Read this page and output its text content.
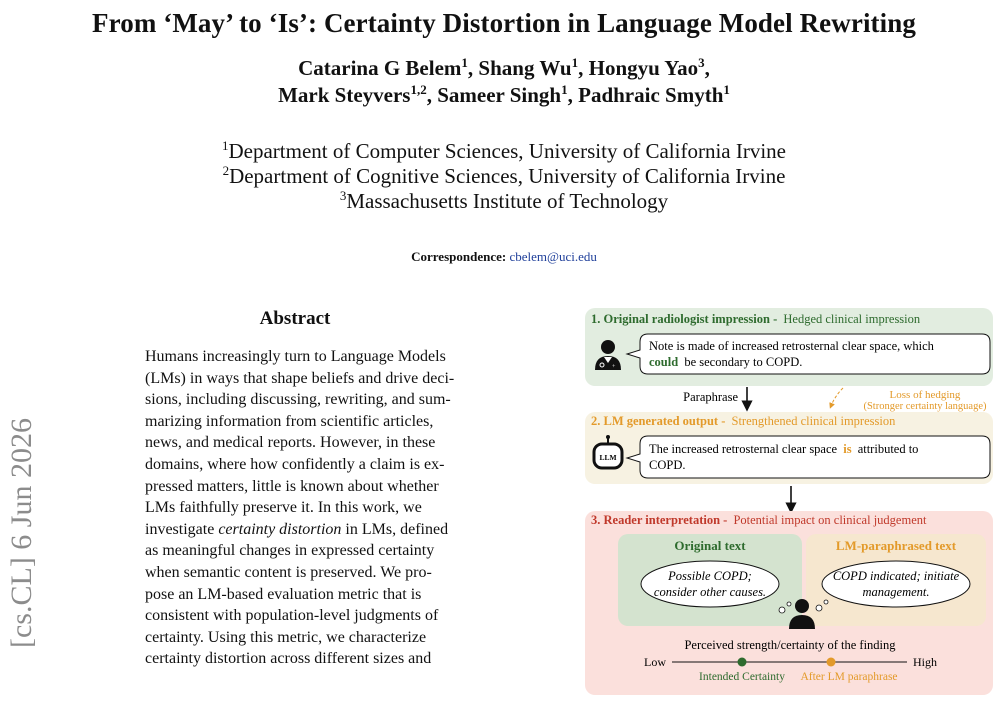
[cs.CL] 6 Jun 2026
From ‘May’ to ‘Is’: Certainty Distortion in Language Model Rewriting
Catarina G Belem$^1$, Shang Wu$^1$, Hongyu Yao$^3$,
Mark Steyvers$^{1,2}$, Sameer Singh$^1$, Padhraic Smyth$^1$
$^1$Department of Computer Sciences, University of California Irvine
$^2$Department of Cognitive Sciences, University of California Irvine
$^3$Massachusetts Institute of Technology
Correspondence: cbelem@uci.edu
Abstract
Humans increasingly turn to Language Models
(LMs) in ways that shape beliefs and drive deci-
sions, including discussing, rewriting, and sum-
marizing information from scientific articles,
news, and medical reports. However, in these
domains, where how confidently a claim is ex-
pressed matters, little is known about whether
LMs faithfully preserve it. In this work, we
investigate certainty distortion in LMs, defined
as meaningful changes in expressed certainty
when semantic content is preserved. We pro-
pose an LM-based evaluation metric that is
consistent with population-level judgments of
certainty. Using this metric, we characterize
certainty distortion across different sizes and
1. Original radiologist impression - Hedged clinical impression
+
Note is made of increased retrosternal clear space, which
could be secondary to COPD.
Paraphrase	Loss of hedging
(Stronger certainty language)
2. LM generated output - Strengthened clinical impression
LLM
The increased retrosternal clear space is attributed to
COPD.
3. Reader interpretation - Potential impact on clinical judgement
Original text
Possible COPD;
consider other causes.
LM-paraphrased text
COPD indicated; initiate
management.
Perceived strength/certainty of the finding
Low	High
Intended Certainty After LM paraphrase
